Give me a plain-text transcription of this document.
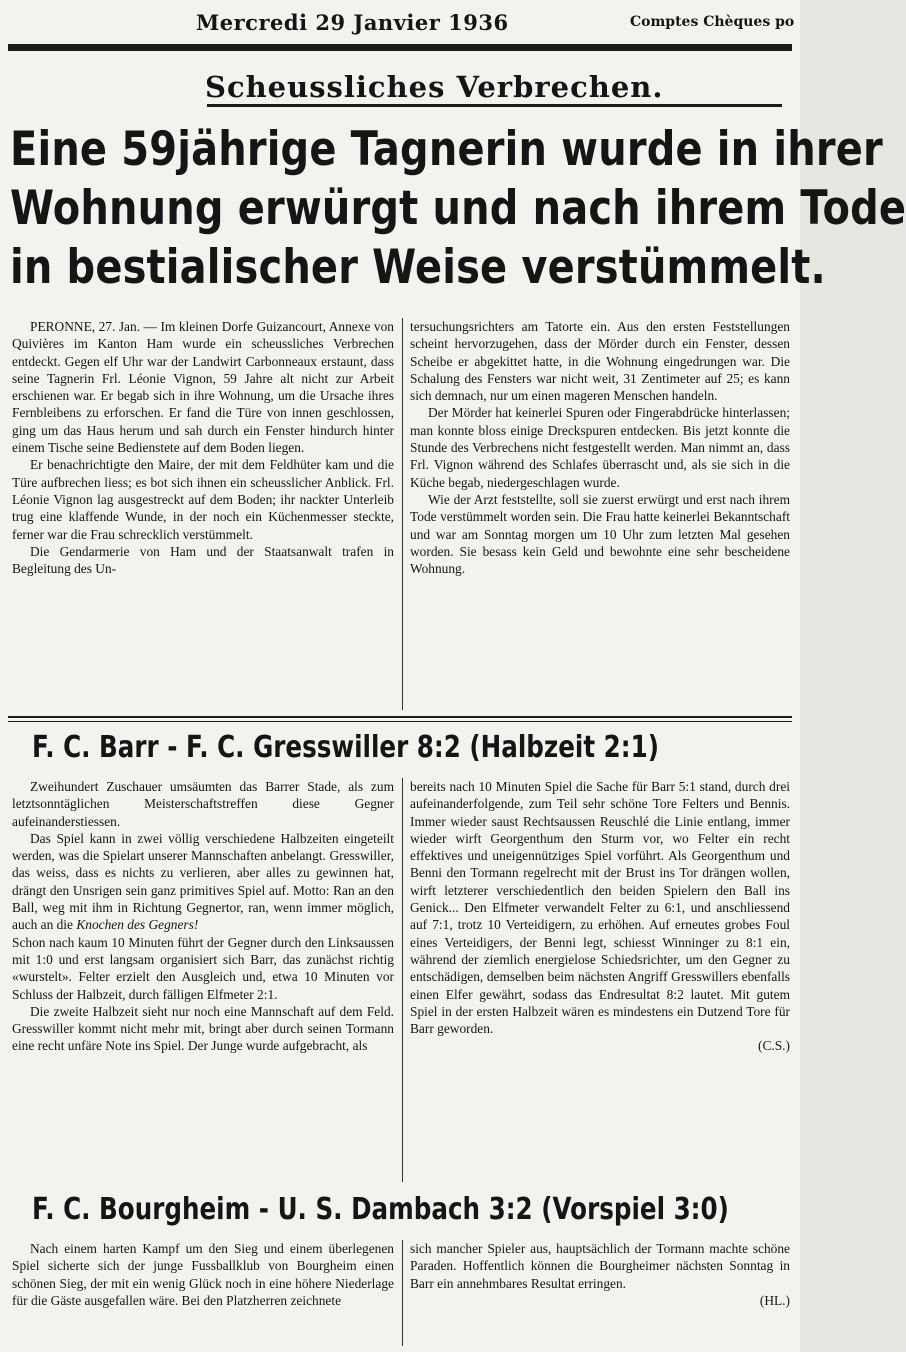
Mercredi 29 Janvier 1936	Comptes Chèques po
Scheussliches Verbrechen.
Eine 59jährige Tagnerin wurde in ihrer
Wohnung erwürgt und nach ihrem Tode
in bestialischer Weise verstümmelt.

PERONNE, 27. Jan. — Im kleinen Dorfe Guizancourt, Annexe von Quivières im Kanton Ham wurde ein scheussliches Verbrechen entdeckt. Gegen elf Uhr war der Landwirt Carbonneaux erstaunt, dass seine Tagnerin Frl. Léonie Vignon, 59 Jahre alt nicht zur Arbeit erschienen war. Er begab sich in ihre Wohnung, um die Ursache ihres Fernbleibens zu erforschen. Er fand die Türe von innen geschlossen, ging um das Haus herum und sah durch ein Fenster hindurch hinter einem Tische seine Bedienstete auf dem Boden liegen.

Er benachrichtigte den Maire, der mit dem Feldhüter kam und die Türe aufbrechen liess; es bot sich ihnen ein scheusslicher Anblick. Frl. Léonie Vignon lag ausgestreckt auf dem Boden; ihr nackter Unterleib trug eine klaffende Wunde, in der noch ein Küchenmesser steckte, ferner war die Frau schrecklich verstümmelt.

Die Gendarmerie von Ham und der Staatsanwalt trafen in Begleitung des Un-

tersuchungsrichters am Tatorte ein. Aus den ersten Feststellungen scheint hervorzugehen, dass der Mörder durch ein Fenster, dessen Scheibe er abgekittet hatte, in die Wohnung eingedrungen war. Die Schalung des Fensters war nicht weit, 31 Zentimeter auf 25; es kann sich demnach, nur um einen mageren Menschen handeln.

Der Mörder hat keinerlei Spuren oder Fingerabdrücke hinterlassen; man konnte bloss einige Dreckspuren entdecken. Bis jetzt konnte die Stunde des Verbrechens nicht festgestellt werden. Man nimmt an, dass Frl. Vignon während des Schlafes überrascht und, als sie sich in die Küche begab, niedergeschlagen wurde.

Wie der Arzt feststellte, soll sie zuerst erwürgt und erst nach ihrem Tode verstümmelt worden sein. Die Frau hatte keinerlei Bekanntschaft und war am Sonntag morgen um 10 Uhr zum letzten Mal gesehen worden. Sie besass kein Geld und bewohnte eine sehr bescheidene Wohnung.

F. C. Barr - F. C. Gresswiller 8:2 (Halbzeit 2:1)

Zweihundert Zuschauer umsäumten das Barrer Stade, als zum letztsonntäglichen Meisterschaftstreffen diese Gegner aufeinanderstiessen.

Das Spiel kann in zwei völlig verschiedene Halbzeiten eingeteilt werden, was die Spielart unserer Mannschaften anbelangt. Gresswiller, das weiss, dass es nichts zu verlieren, aber alles zu gewinnen hat, drängt den Unsrigen sein ganz primitives Spiel auf. Motto: Ran an den Ball, weg mit ihm in Richtung Gegnertor, ran, wenn immer möglich, auch an die Knochen des Gegners!

Schon nach kaum 10 Minuten führt der Gegner durch den Linksaussen mit 1:0 und erst langsam organisiert sich Barr, das zunächst richtig «wurstelt». Felter erzielt den Ausgleich und, etwa 10 Minuten vor Schluss der Halbzeit, durch fälligen Elfmeter 2:1.

Die zweite Halbzeit sieht nur noch eine Mannschaft auf dem Feld. Gresswiller kommt nicht mehr mit, bringt aber durch seinen Tormann eine recht unfäre Note ins Spiel. Der Junge wurde aufgebracht, als

bereits nach 10 Minuten Spiel die Sache für Barr 5:1 stand, durch drei aufeinanderfolgende, zum Teil sehr schöne Tore Felters und Bennis. Immer wieder saust Rechtsaussen Reuschlé die Linie entlang, immer wieder wirft Georgenthum den Sturm vor, wo Felter ein recht effektives und uneigennütziges Spiel vorführt. Als Georgenthum und Benni den Tormann regelrecht mit der Brust ins Tor drängen wollen, wirft letzterer verschiedentlich den beiden Spielern den Ball ins Genick... Den Elfmeter verwandelt Felter zu 6:1, und anschliessend auf 7:1, trotz 10 Verteidigern, zu erhöhen. Auf erneutes grobes Foul eines Verteidigers, der Benni legt, schiesst Winninger zu 8:1 ein, während der ziemlich energielose Schiedsrichter, um den Gegner zu entschädigen, demselben beim nächsten Angriff Gresswillers ebenfalls einen Elfer gewährt, sodass das Endresultat 8:2 lautet. Mit gutem Spiel in der ersten Halbzeit wären es mindestens ein Dutzend Tore für Barr geworden.

(C.S.)

F. C. Bourgheim - U. S. Dambach 3:2 (Vorspiel 3:0)

Nach einem harten Kampf um den Sieg und einem überlegenen Spiel sicherte sich der junge Fussballklub von Bourgheim einen schönen Sieg, der mit ein wenig Glück noch in eine höhere Niederlage für die Gäste ausgefallen wäre. Bei den Platzherren zeichnete

sich mancher Spieler aus, hauptsächlich der Tormann machte schöne Paraden. Hoffentlich können die Bourgheimer nächsten Sonntag in Barr ein annehmbares Resultat erringen.

(HL.)
